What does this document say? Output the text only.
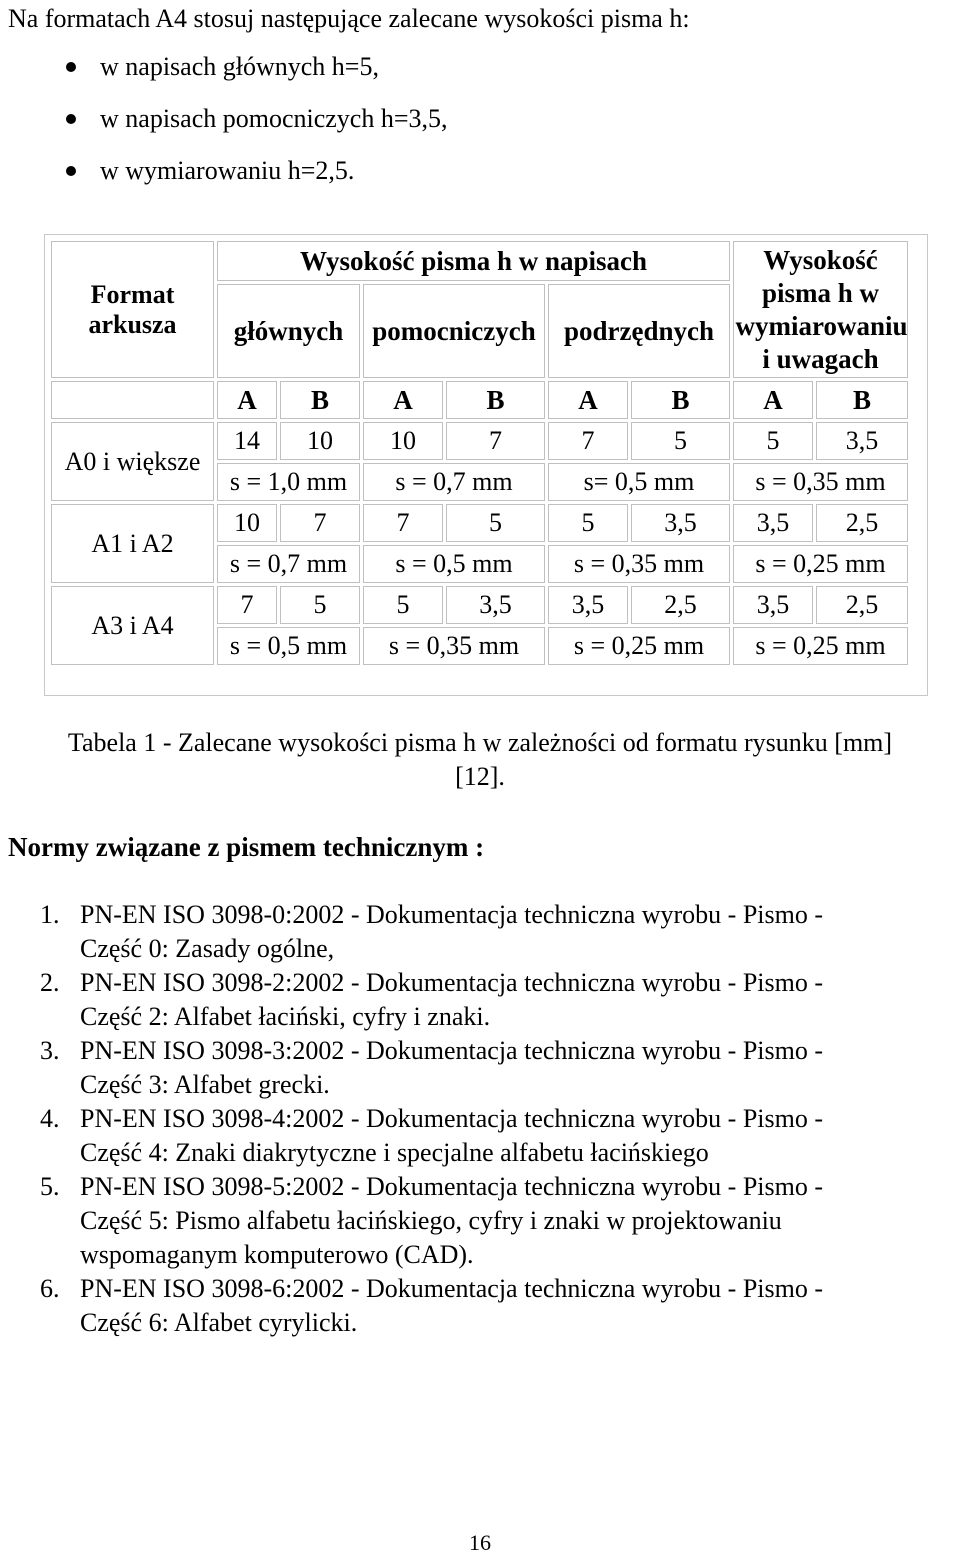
Na formatach A4 stosuj następujące zalecane wysokości pisma h:
w napisach głównych h=5,
w napisach pomocniczych h=3,5,
w wymiarowaniu h=2,5.
Format arkusza	Wysokość pisma h w napisach						Wysokość pisma h w wymiarowaniu i uwagach	
	głównych		pomocniczych		podrzędnych			
	A	B	A	B	A	B	A	B
A0 i większe	14	10	10	7	7	5	5	3,5
	s = 1,0 mm		s = 0,7 mm		s= 0,5 mm		s = 0,35 mm	
A1 i A2	10	7	7	5	5	3,5	3,5	2,5
	s = 0,7 mm		s = 0,5 mm		s = 0,35 mm		s = 0,25 mm	
A3 i A4	7	5	5	3,5	3,5	2,5	3,5	2,5
	s = 0,5 mm		s = 0,35 mm		s = 0,25 mm		s = 0,25 mm	
Tabela 1 - Zalecane wysokości pisma h w zależności od formatu rysunku [mm]
[12].
Normy związane z pismem technicznym :
1. PN-EN ISO 3098-0:2002 - Dokumentacja techniczna wyrobu - Pismo -
Część 0: Zasady ogólne,
2. PN-EN ISO 3098-2:2002 - Dokumentacja techniczna wyrobu - Pismo -
Część 2: Alfabet łaciński, cyfry i znaki.
3. PN-EN ISO 3098-3:2002 - Dokumentacja techniczna wyrobu - Pismo -
Część 3: Alfabet grecki.
4. PN-EN ISO 3098-4:2002 - Dokumentacja techniczna wyrobu - Pismo -
Część 4: Znaki diakrytyczne i specjalne alfabetu łacińskiego
5. PN-EN ISO 3098-5:2002 - Dokumentacja techniczna wyrobu - Pismo -
Część 5: Pismo alfabetu łacińskiego, cyfry i znaki w projektowaniu
wspomaganym komputerowo (CAD).
6. PN-EN ISO 3098-6:2002 - Dokumentacja techniczna wyrobu - Pismo -
Część 6: Alfabet cyrylicki.
16
